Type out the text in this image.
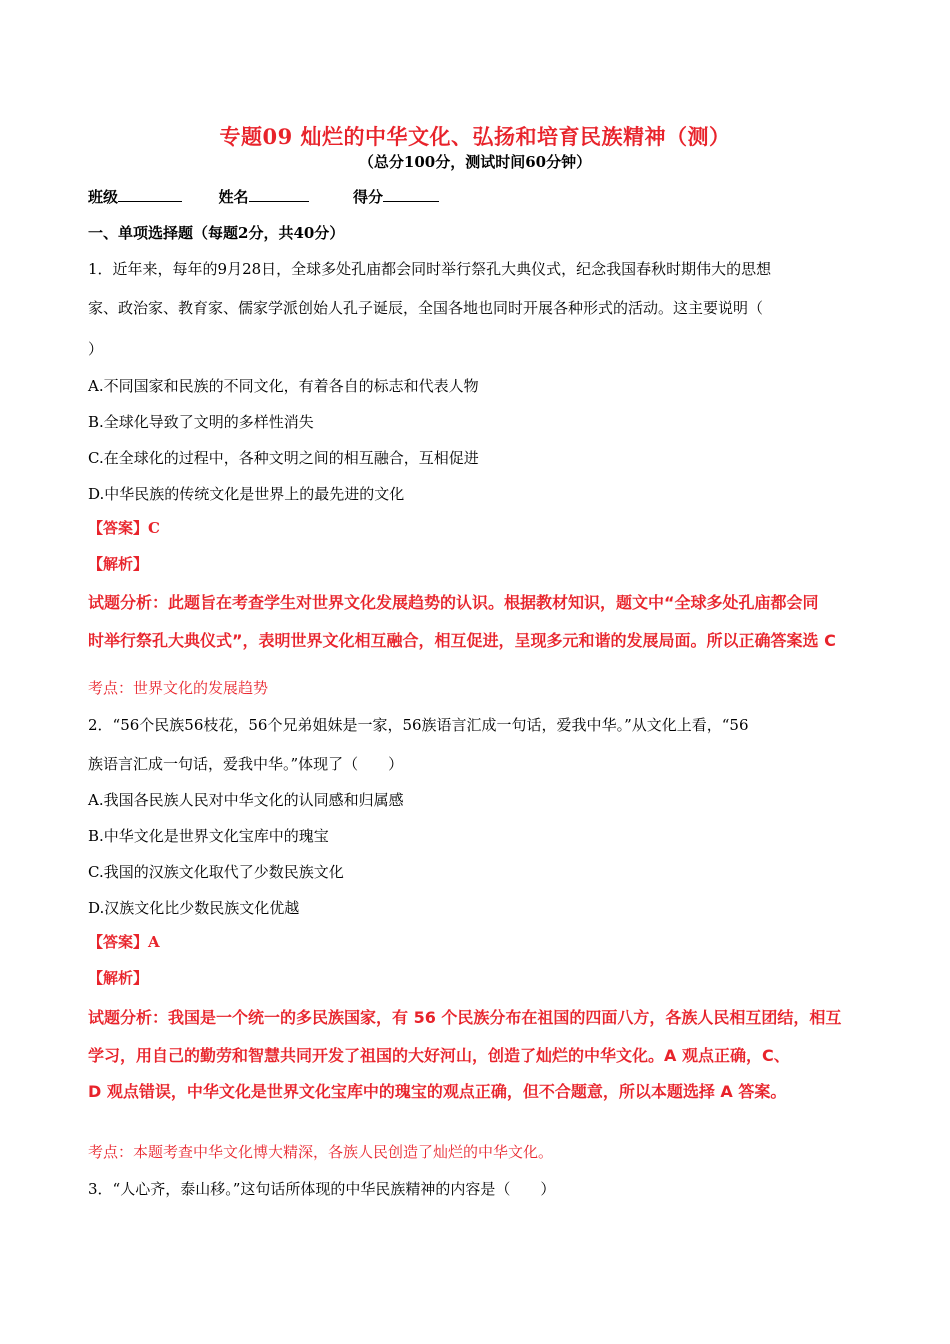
专题09 灿烂的中华文化、弘扬和培育民族精神（测）
（总分100分，测试时间60分钟）
班级	姓名	得分
一、单项选择题（每题2分，共40分）
1．近年来，每年的9月28日，全球多处孔庙都会同时举行祭孔大典仪式，纪念我国春秋时期伟大的思想
家、政治家、教育家、儒家学派创始人孔子诞辰，全国各地也同时开展各种形式的活动。这主要说明（
）
A.不同国家和民族的不同文化，有着各自的标志和代表人物
B.全球化导致了文明的多样性消失
C.在全球化的过程中，各种文明之间的相互融合，互相促进
D.中华民族的传统文化是世界上的最先进的文化
【答案】C
【解析】
试题分析：此题旨在考查学生对世界文化发展趋势的认识。根据教材知识，题文中“全球多处孔庙都会同
时举行祭孔大典仪式”，表明世界文化相互融合，相互促进，呈现多元和谐的发展局面。所以正确答案选 C
考点：世界文化的发展趋势
2．“56个民族56枝花，56个兄弟姐妹是一家，56族语言汇成一句话，爱我中华。”从文化上看，“56
族语言汇成一句话，爱我中华。”体现了（　　）
A.我国各民族人民对中华文化的认同感和归属感
B.中华文化是世界文化宝库中的瑰宝
C.我国的汉族文化取代了少数民族文化
D.汉族文化比少数民族文化优越
【答案】A
【解析】
试题分析：我国是一个统一的多民族国家，有 56 个民族分布在祖国的四面八方，各族人民相互团结，相互
学习，用自己的勤劳和智慧共同开发了祖国的大好河山，创造了灿烂的中华文化。A 观点正确，C、
D 观点错误，中华文化是世界文化宝库中的瑰宝的观点正确，但不合题意，所以本题选择 A 答案。
考点：本题考查中华文化博大精深，各族人民创造了灿烂的中华文化。
3．“人心齐，泰山移。”这句话所体现的中华民族精神的内容是（　　）
